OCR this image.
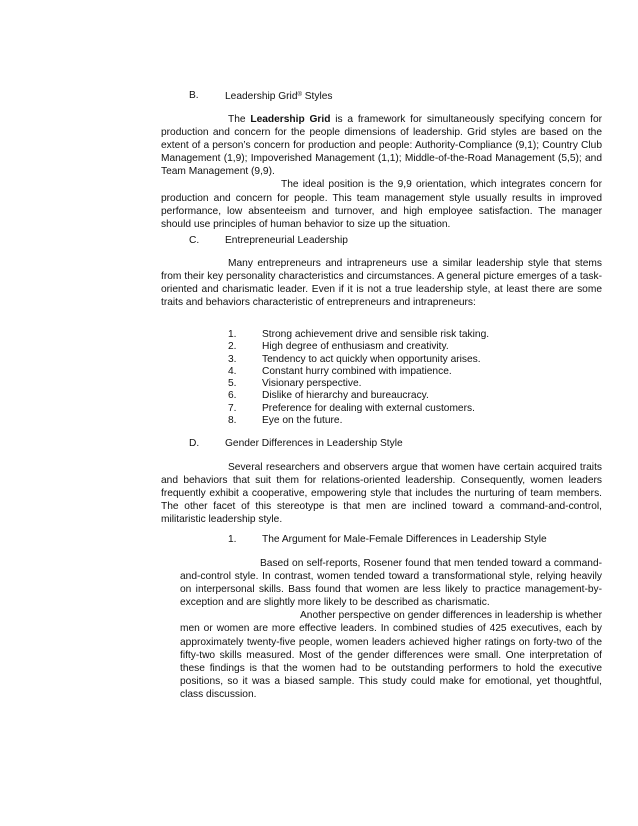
B.	Leadership Grid® Styles

The Leadership Grid is a framework for simultaneously specifying concern for production and concern for the people dimensions of leadership. Grid styles are based on the extent of a person’s concern for production and people: Authority-Compliance (9,1); Country Club Management (1,9); Impoverished Management (1,1); Middle-of-the-Road Management (5,5); and Team Management (9,9).

The ideal position is the 9,9 orientation, which integrates concern for production and concern for people. This team management style usually results in improved performance, low absenteeism and turnover, and high employee satisfaction. The manager should use principles of human behavior to size up the situation.

C.	Entrepreneurial Leadership

Many entrepreneurs and intrapreneurs use a similar leadership style that stems from their key personality characteristics and circumstances. A general picture emerges of a task-oriented and charismatic leader. Even if it is not a true leadership style, at least there are some traits and behaviors characteristic of entrepreneurs and intrapreneurs:

1.	Strong achievement drive and sensible risk taking.
2.	High degree of enthusiasm and creativity.
3.	Tendency to act quickly when opportunity arises.
4.	Constant hurry combined with impatience.
5.	Visionary perspective.
6.	Dislike of hierarchy and bureaucracy.
7.	Preference for dealing with external customers.
8.	Eye on the future.
D.	Gender Differences in Leadership Style

Several researchers and observers argue that women have certain acquired traits and behaviors that suit them for relations-oriented leadership. Consequently, women leaders frequently exhibit a cooperative, empowering style that includes the nurturing of team members. The other facet of this stereotype is that men are inclined toward a command-and-control, militaristic leadership style.

1.	The Argument for Male-Female Differences in Leadership Style

Based on self-reports, Rosener found that men tended toward a command-and-control style. In contrast, women tended toward a transformational style, relying heavily on interpersonal skills. Bass found that women are less likely to practice management-by-exception and are slightly more likely to be described as charismatic.

Another perspective on gender differences in leadership is whether men or women are more effective leaders. In combined studies of 425 executives, each by approximately twenty-five people, women leaders achieved higher ratings on forty-two of the fifty-two skills measured. Most of the gender differences were small. One interpretation of these findings is that the women had to be outstanding performers to hold the executive positions, so it was a biased sample. This study could make for emotional, yet thoughtful, class discussion.
